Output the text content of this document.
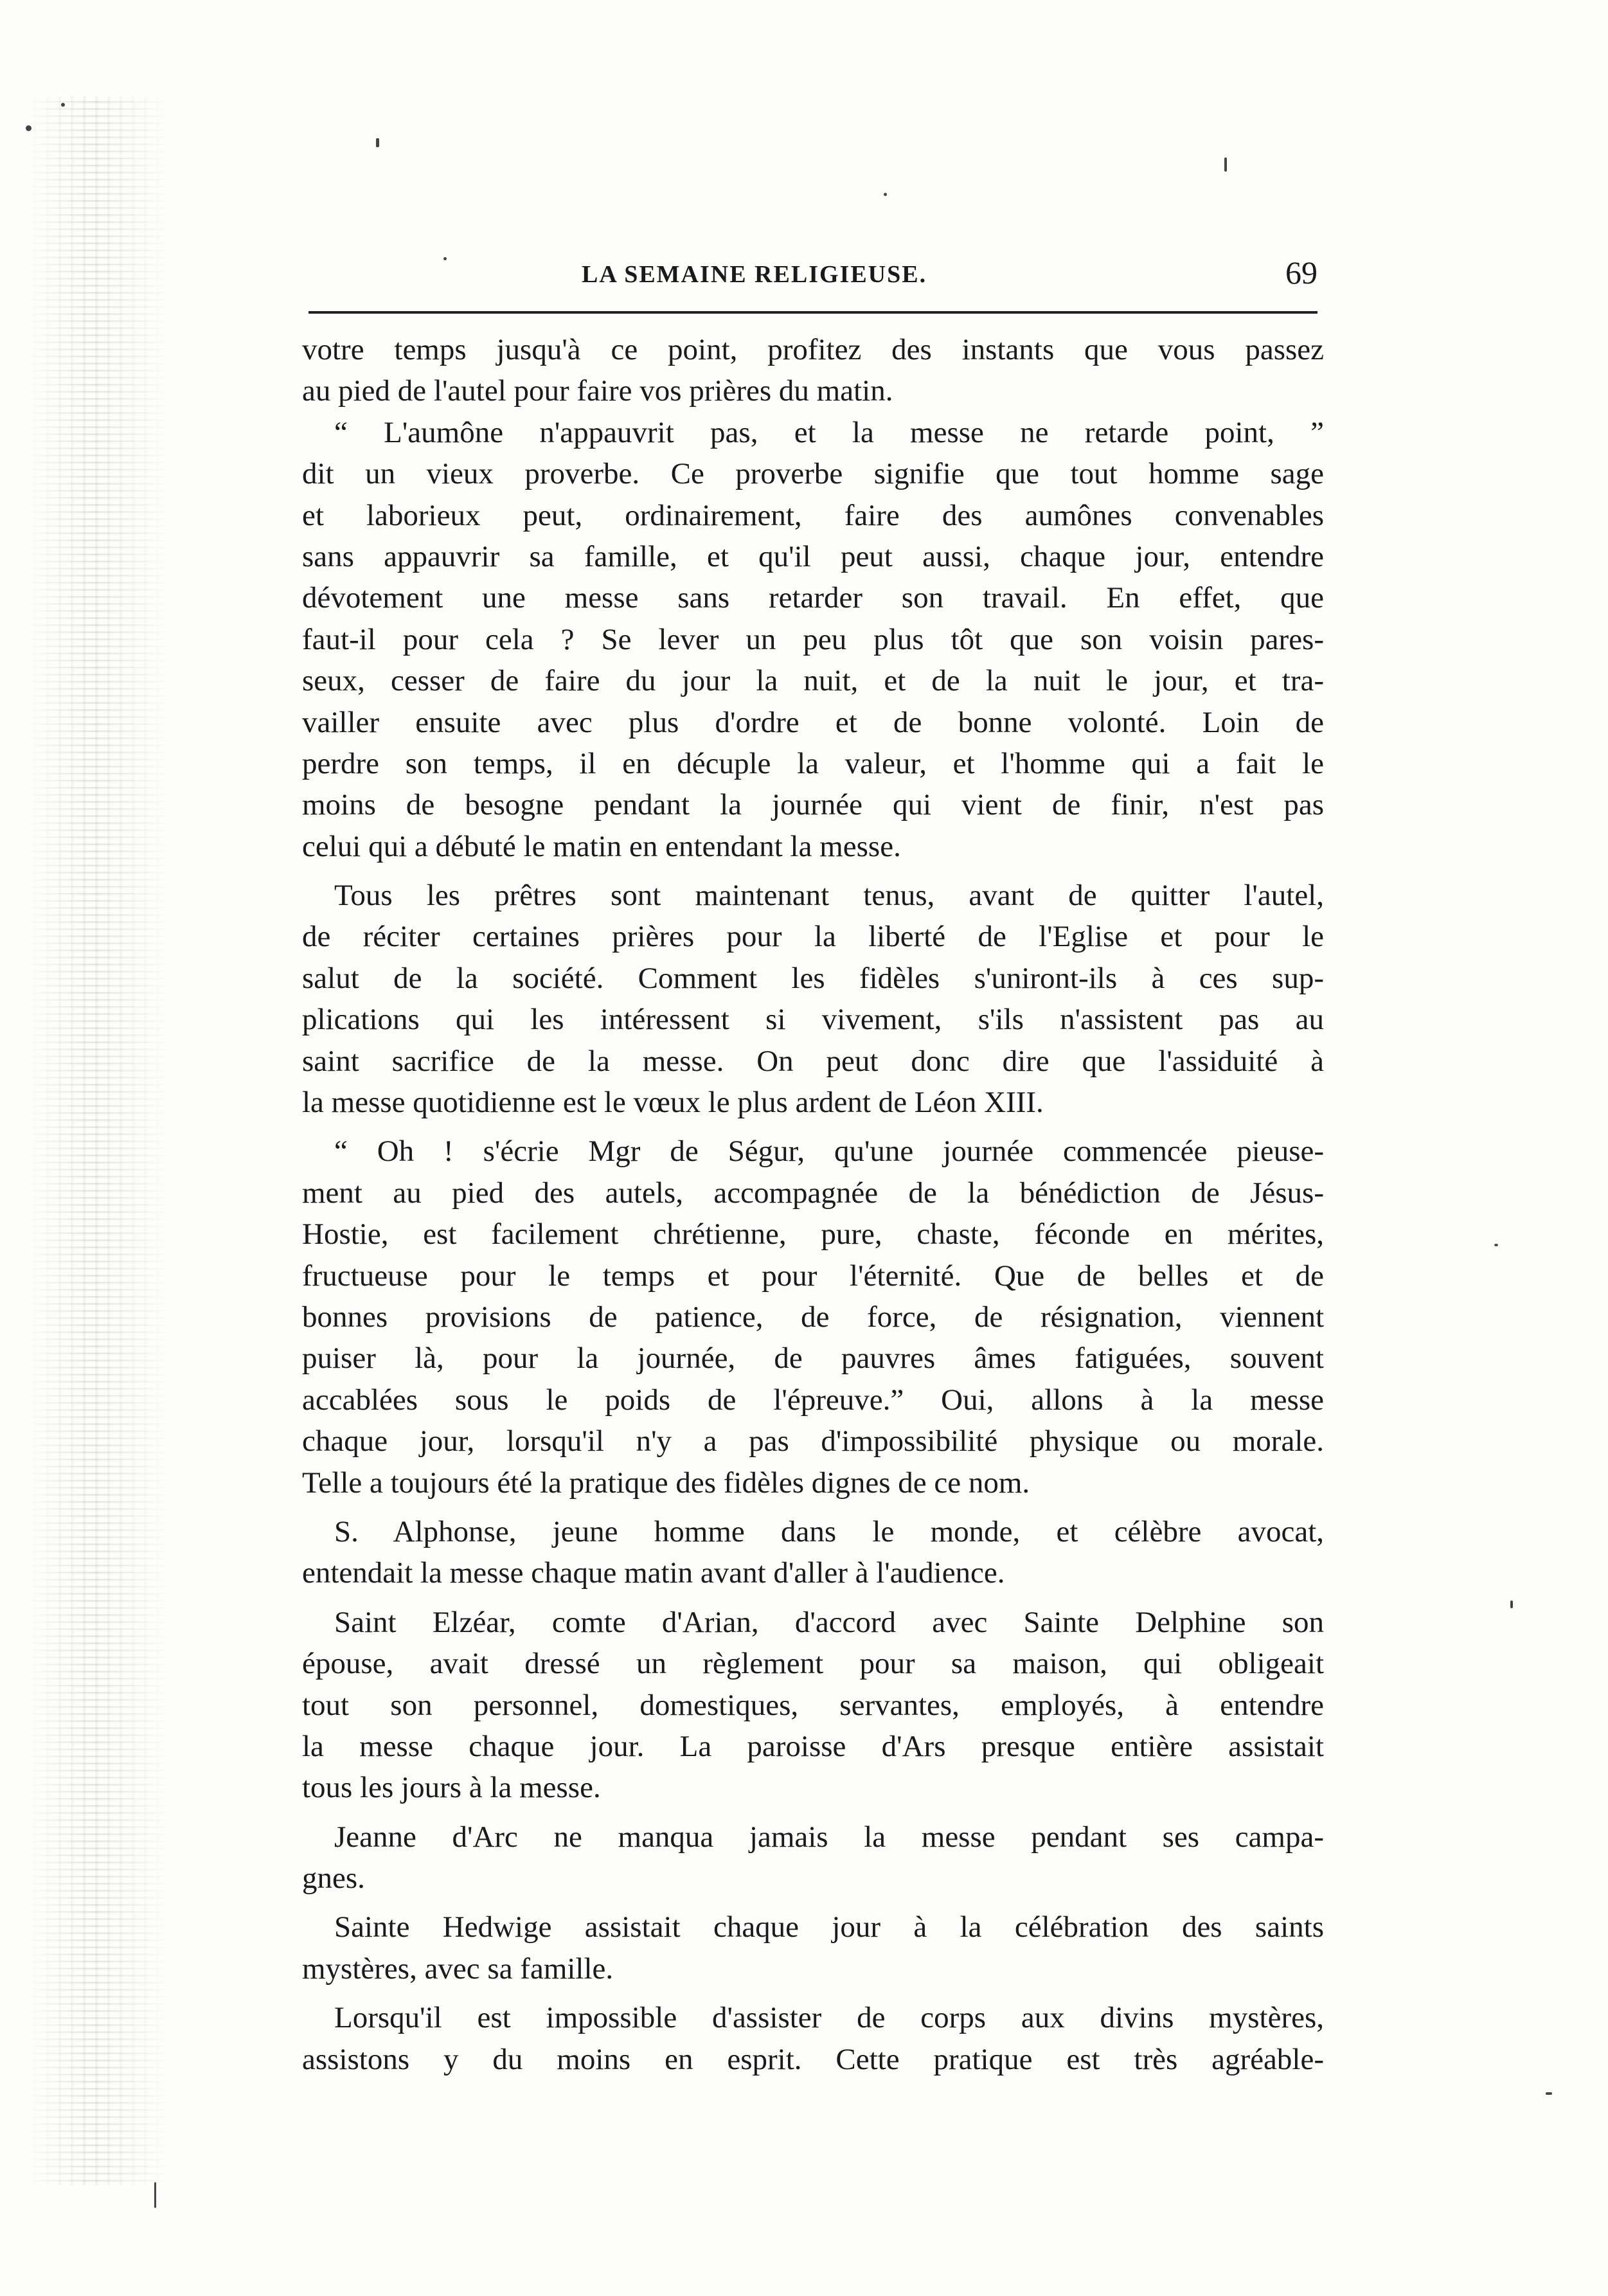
LA SEMAINE RELIGIEUSE.	69
votre temps jusqu'à ce point, profitez des instants que vous passez
au pied de l'autel pour faire vos prières du matin.
“ L'aumône n'appauvrit pas, et la messe ne retarde point, ”
dit un vieux proverbe. Ce proverbe signifie que tout homme sage
et laborieux peut, ordinairement, faire des aumônes convenables
sans appauvrir sa famille, et qu'il peut aussi, chaque jour, entendre
dévotement une messe sans retarder son travail. En effet, que
faut-il pour cela ? Se lever un peu plus tôt que son voisin pares-
seux, cesser de faire du jour la nuit, et de la nuit le jour, et tra-
vailler ensuite avec plus d'ordre et de bonne volonté. Loin de
perdre son temps, il en décuple la valeur, et l'homme qui a fait le
moins de besogne pendant la journée qui vient de finir, n'est pas
celui qui a débuté le matin en entendant la messe.
Tous les prêtres sont maintenant tenus, avant de quitter l'autel,
de réciter certaines prières pour la liberté de l'Eglise et pour le
salut de la société. Comment les fidèles s'uniront-ils à ces sup-
plications qui les intéressent si vivement, s'ils n'assistent pas au
saint sacrifice de la messe. On peut donc dire que l'assiduité à
la messe quotidienne est le vœux le plus ardent de Léon XIII.
“ Oh ! s'écrie Mgr de Ségur, qu'une journée commencée pieuse-
ment au pied des autels, accompagnée de la bénédiction de Jésus-
Hostie, est facilement chrétienne, pure, chaste, féconde en mérites,
fructueuse pour le temps et pour l'éternité. Que de belles et de
bonnes provisions de patience, de force, de résignation, viennent
puiser là, pour la journée, de pauvres âmes fatiguées, souvent
accablées sous le poids de l'épreuve.” Oui, allons à la messe
chaque jour, lorsqu'il n'y a pas d'impossibilité physique ou morale.
Telle a toujours été la pratique des fidèles dignes de ce nom.
S. Alphonse, jeune homme dans le monde, et célèbre avocat,
entendait la messe chaque matin avant d'aller à l'audience.
Saint Elzéar, comte d'Arian, d'accord avec Sainte Delphine son
épouse, avait dressé un règlement pour sa maison, qui obligeait
tout son personnel, domestiques, servantes, employés, à entendre
la messe chaque jour. La paroisse d'Ars presque entière assistait
tous les jours à la messe.
Jeanne d'Arc ne manqua jamais la messe pendant ses campa-
gnes.
Sainte Hedwige assistait chaque jour à la célébration des saints
mystères, avec sa famille.
Lorsqu'il est impossible d'assister de corps aux divins mystères,
assistons y du moins en esprit. Cette pratique est très agréable-
